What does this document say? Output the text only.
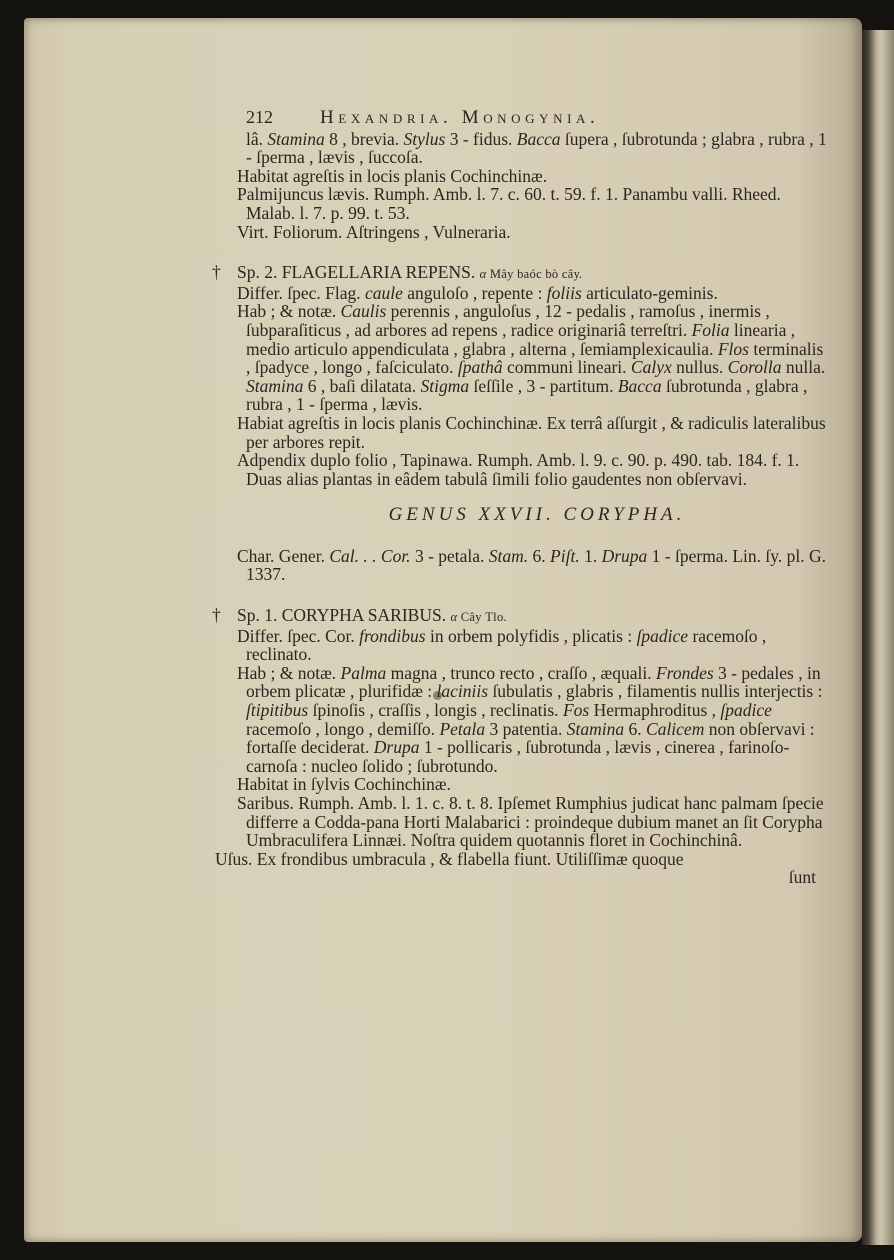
212	Hexandria. Monogynia.

lâ. Stamina 8 , brevia. Stylus 3 - fidus. Bacca ſupera , ſubrotunda ; glabra , rubra , 1 - ſperma , lævis , ſuccoſa.

Habitat agreſtis in locis planis Cochinchinæ.

Palmijuncus lævis. Rumph. Amb. l. 7. c. 60. t. 59. f. 1. Panambu valli. Rheed. Malab. l. 7. p. 99. t. 53.

Virt. Foliorum. Aſtringens , Vulneraria.

† Sp. 2. FLAGELLARIA REPENS. α Mây baóc bò câу.

Differ. ſpec. Flag. caule anguloſo , repente : foliis articulato-geminis.

Hab ; & notæ. Caulis perennis , anguloſus , 12 - pedalis , ramoſus , inermis , ſubparaſiticus , ad arbores ad repens , radice originariâ terreſtri. Folia linearia , medio articulo appendiculata , glabra , alterna , ſemiamplexicaulia. Flos terminalis , ſpadyce , longo , faſciculato. ſpathâ communi lineari. Calyx nullus. Corolla nulla. Stamina 6 , baſi dilatata. Stigma ſeſſile , 3 - partitum. Bacca ſubrotunda , glabra , rubra , 1 - ſperma , lævis.

Habiat agreſtis in locis planis Cochinchinæ. Ex terrâ aſſurgit , & radiculis lateralibus per arbores repit.

Adpendix duplo folio , Tapinawa. Rumph. Amb. l. 9. c. 90. p. 490. tab. 184. f. 1. Duas alias plantas in eâdem tabulâ ſimili folio gaudentes non obſervavi.

GENUS XXVII. CORYPHA.

Char. Gener. Cal. . . Cor. 3 - petala. Stam. 6. Piſt. 1. Drupa 1 - ſperma. Lin. ſy. pl. G. 1337.

† Sp. 1. CORYPHA SARIBUS. α Câу Tlo.

Differ. ſpec. Cor. frondibus in orbem polyfidis , plicatis : ſpadice racemoſo , reclinato.

Hab ; & notæ. Palma magna , trunco recto , craſſo , æquali. Frondes 3 - pedales , in orbem plicatæ , plurifidæ : laciniis ſubulatis , glabris , filamentis nullis interjectis : ſtipitibus ſpinoſis , craſſis , longis , reclinatis. Fos Hermaphroditus , ſpadice racemoſo , longo , demiſſo. Petala 3 patentia. Stamina 6. Calicem non obſervavi : fortaſſe deciderat. Drupa 1 - pollicaris , ſubrotunda , lævis , cinerea , farinoſo-carnoſa : nucleo ſolido ; ſubrotundo.

Habitat in ſylvis Cochinchinæ.

Saribus. Rumph. Amb. l. 1. c. 8. t. 8. Ipſemet Rumphius judicat hanc palmam ſpecie differre a Codda-pana Horti Malabarici : proindeque dubium manet an ſit Corypha Umbraculifera Linnæi. Noſtra quidem quotannis floret in Cochinchinâ.

Uſus. Ex frondibus umbracula , & flabella fiunt. Utiliſſimæ quoque

ſunt
